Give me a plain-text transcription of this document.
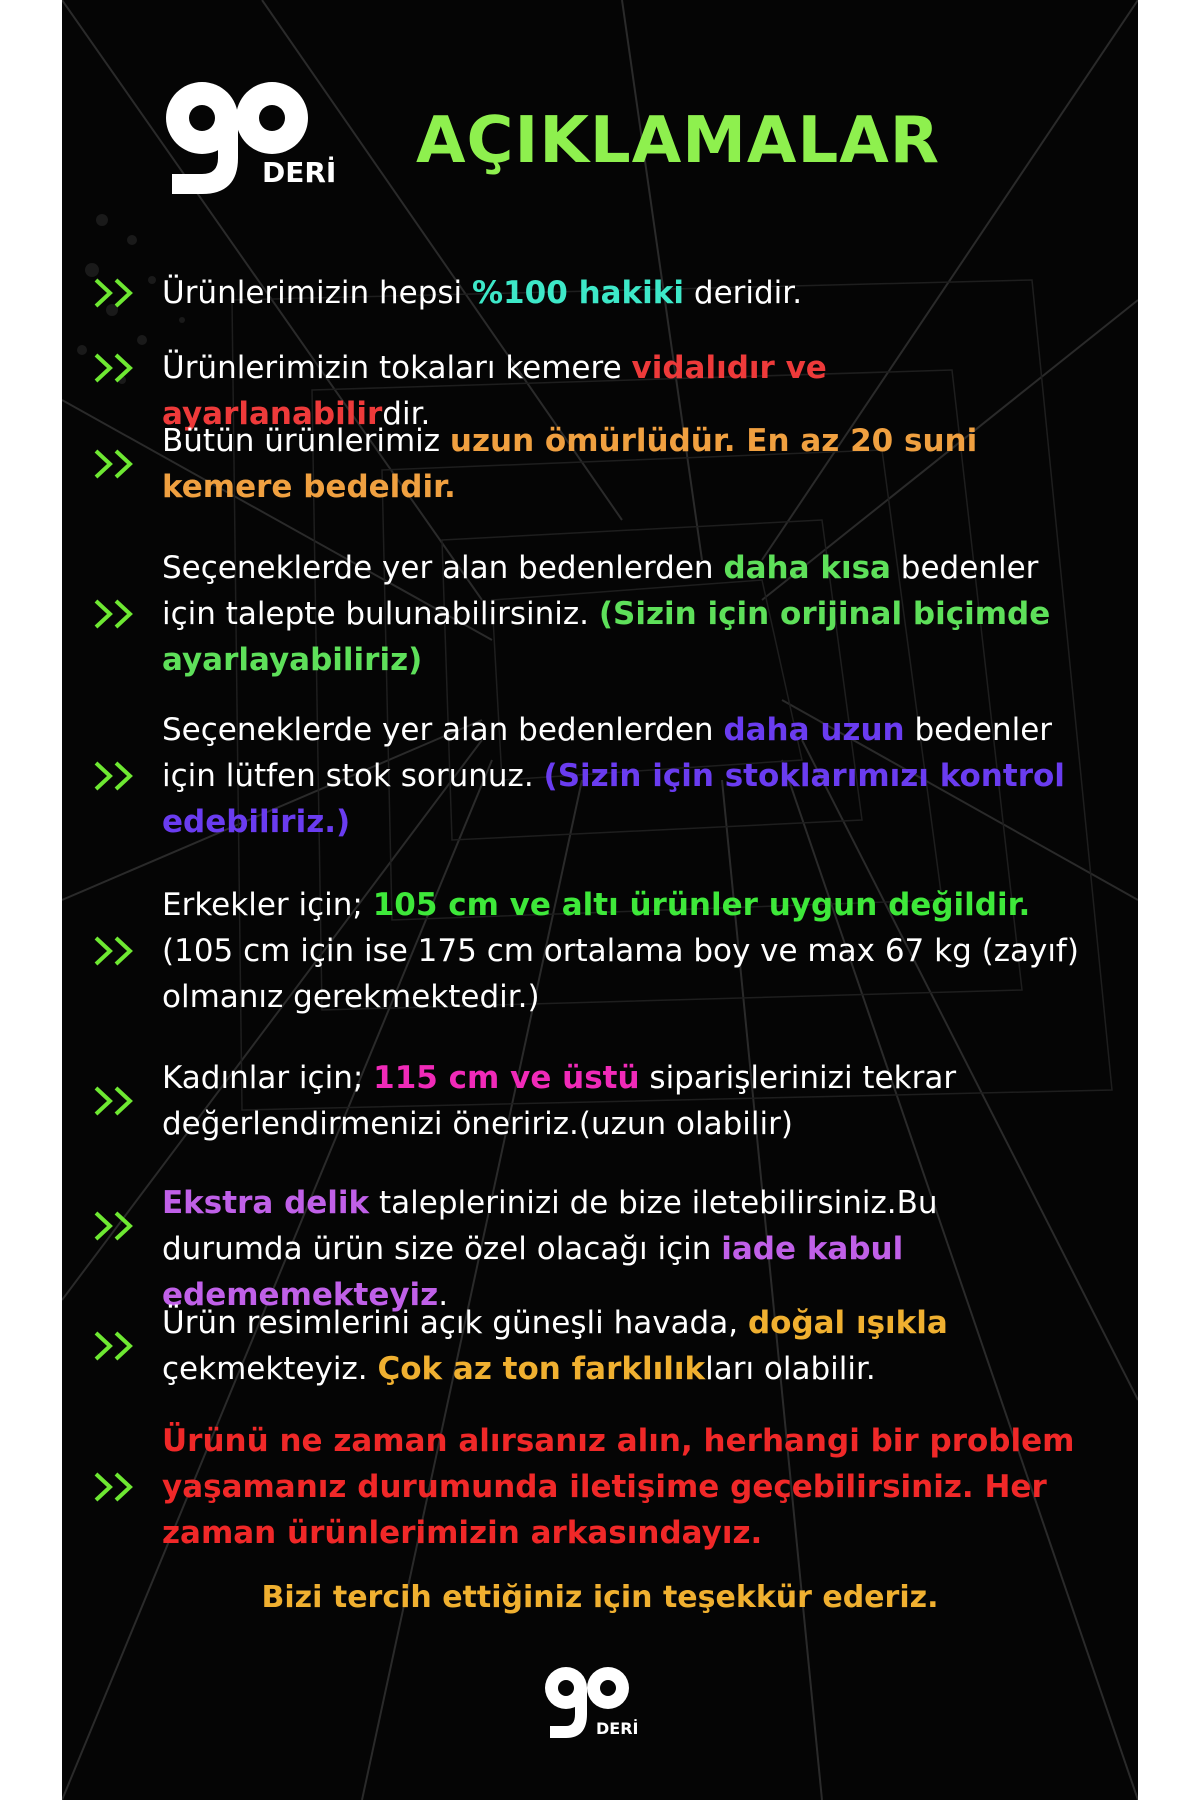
DERİ AÇIKLAMALAR
Ürünlerimizin hepsi %100 hakiki deridir.
Ürünlerimizin tokaları kemere vidalıdır ve ayarlanabilirdir.
Bütün ürünlerimiz uzun ömürlüdür. En az 20 suni kemere bedeldir.
Seçeneklerde yer alan bedenlerden daha kısa bedenler için talepte bulunabilirsiniz. (Sizin için orijinal biçimde ayarlayabiliriz)
Seçeneklerde yer alan bedenlerden daha uzun bedenler için lütfen stok sorunuz. (Sizin için stoklarımızı kontrol edebiliriz.)
Erkekler için; 105 cm ve altı ürünler uygun değildir.(105 cm için ise 175 cm ortalama boy ve max 67 kg (zayıf) olmanız gerekmektedir.)
Kadınlar için; 115 cm ve üstü siparişlerinizi tekrar değerlendirmenizi öneririz.(uzun olabilir)
Ekstra delik taleplerinizi de bize iletebilirsiniz.Bu durumda ürün size özel olacağı için iade kabul edememekteyiz.
Ürün resimlerini açık güneşli havada, doğal ışıkla çekmekteyiz. Çok az ton farklılıkları olabilir.
Ürünü ne zaman alırsanız alın, herhangi bir problem yaşamanız durumunda iletişime geçebilirsiniz. Her zaman ürünlerimizin arkasındayız.
Bizi tercih ettiğiniz için teşekkür ederiz.
DERİ
